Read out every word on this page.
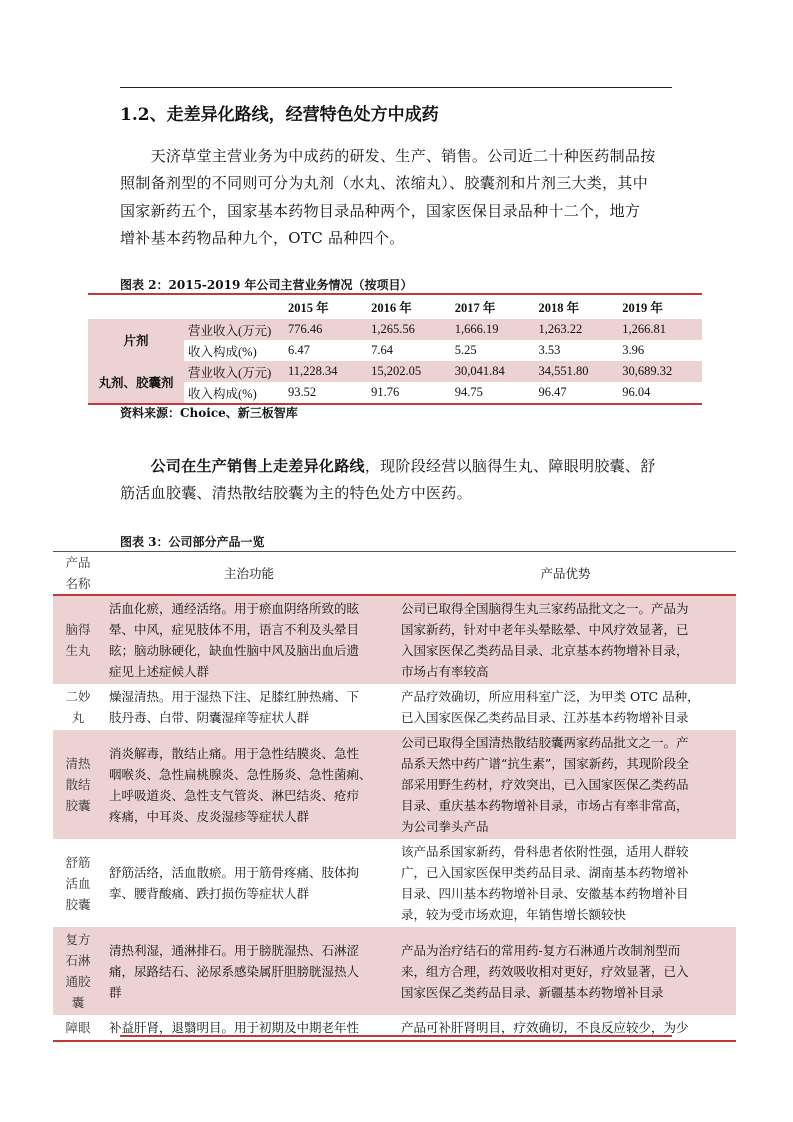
1.2、走差异化路线，经营特色处方中成药
　　天济草堂主营业务为中成药的研发、生产、销售。公司近二十种医药制品按
照制备剂型的不同则可分为丸剂（水丸、浓缩丸）、胶囊剂和片剂三大类，其中
国家新药五个，国家基本药物目录品种两个，国家医保目录品种十二个，地方
增补基本药物品种九个，OTC 品种四个。
图表 2：2015-2019 年公司主营业务情况（按项目）
		2015 年	2016 年	2017 年	2018 年	2019 年
片剂	营业收入(万元)	776.46	1,265.56	1,666.19	1,263.22	1,266.81
	收入构成(%)	6.47	7.64	5.25	3.53	3.96
丸剂、胶囊剂	营业收入(万元)	11,228.34	15,202.05	30,041.84	34,551.80	30,689.32
	收入构成(%)	93.52	91.76	94.75	96.47	96.04
资料来源：Choice、新三板智库
　　公司在生产销售上走差异化路线，现阶段经营以脑得生丸、障眼明胶囊、舒
筋活血胶囊、清热散结胶囊为主的特色处方中医药。
图表 3：公司部分产品一览
产品
名称	主治功能	产品优势
脑得
生丸	活血化瘀，通经活络。用于瘀血阴络所致的眩
晕、中风，症见肢体不用，语言不利及头晕目
眩；脑动脉硬化，缺血性脑中风及脑出血后遗
症见上述症候人群	公司已取得全国脑得生丸三家药品批文之一。产品为
国家新药，针对中老年头晕眩晕、中风疗效显著，已
入国家医保乙类药品目录、北京基本药物增补目录，
市场占有率较高
二妙
丸	燥湿清热。用于湿热下注、足膝红肿热痛、下
肢丹毒、白带、阴囊湿痒等症状人群	产品疗效确切，所应用科室广泛，为甲类 OTC 品种，
已入国家医保乙类药品目录、江苏基本药物增补目录
清热
散结
胶囊	消炎解毒，散结止痛。用于急性结膜炎、急性
咽喉炎、急性扁桃腺炎、急性肠炎、急性菌痢、
上呼吸道炎、急性支气管炎、淋巴结炎、疮疖
疼痛，中耳炎、皮炎湿疹等症状人群	公司已取得全国清热散结胶囊两家药品批文之一。产
品系天然中药广谱“抗生素”，国家新药，其现阶段全
部采用野生药材，疗效突出，已入国家医保乙类药品
目录、重庆基本药物增补目录，市场占有率非常高，
为公司拳头产品
舒筋
活血
胶囊	舒筋活络，活血散瘀。用于筋骨疼痛、肢体拘
挛、腰背酸痛、跌打损伤等症状人群	该产品系国家新药，骨科患者依附性强，适用人群较
广，已入国家医保甲类药品目录、湖南基本药物增补
目录、四川基本药物增补目录、安徽基本药物增补目
录，较为受市场欢迎，年销售增长额较快
复方
石淋
通胶
囊	清热利湿，通淋排石。用于膀胱湿热、石淋涩
痛，尿路结石、泌尿系感染属肝胆膀胱湿热人
群	产品为治疗结石的常用药-复方石淋通片改制剂型而
来，组方合理，药效吸收相对更好，疗效显著，已入
国家医保乙类药品目录、新疆基本药物增补目录
障眼	补益肝肾，退翳明目。用于初期及中期老年性	产品可补肝肾明目，疗效确切，不良反应较少，为少
